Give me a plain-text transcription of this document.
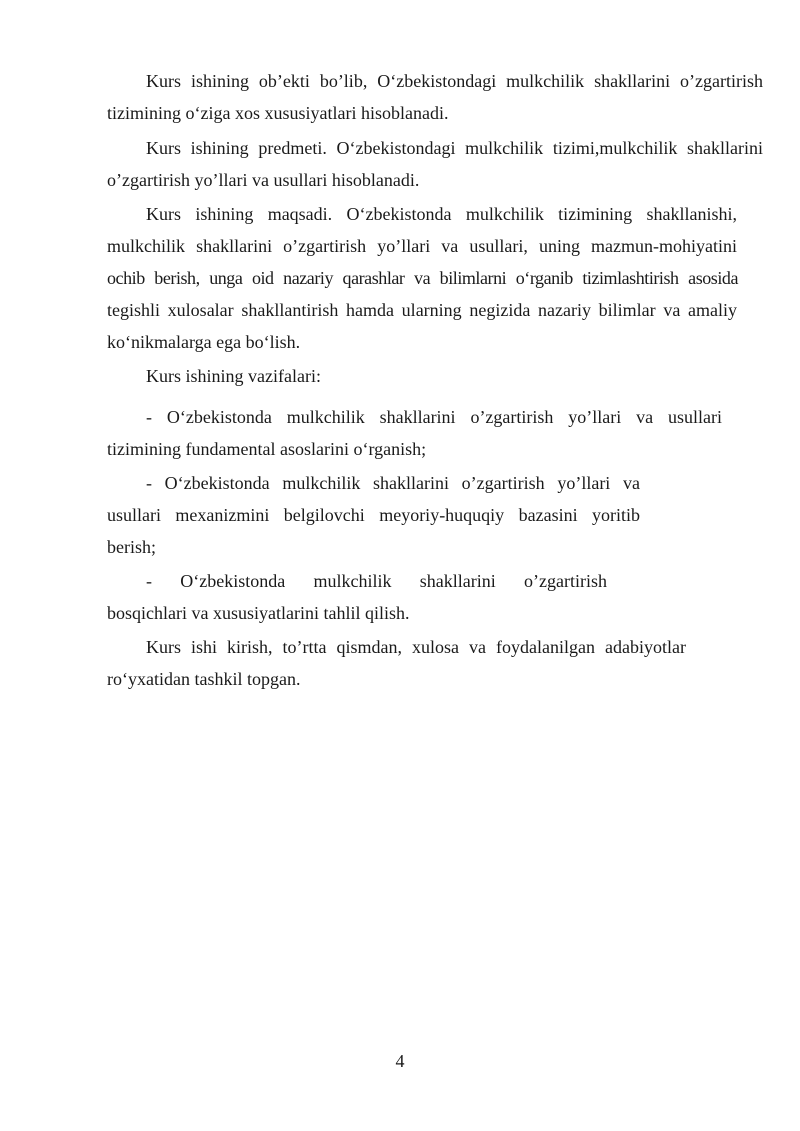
Kurs ishining ob’ekti bo’lib, O‘zbekistondagi mulkchilik shakllarini o’zgartirish
tizimining o‘ziga xos xususiyatlari hisoblanadi.
Kurs ishining predmeti. O‘zbekistondagi mulkchilik tizimi,mulkchilik shakllarini
o’zgartirish yo’llari va usullari hisoblanadi.
Kurs ishining maqsadi. O‘zbekistonda mulkchilik tizimining shakllanishi,
mulkchilik shakllarini o’zgartirish yo’llari va usullari, uning mazmun-mohiyatini
ochib berish, unga oid nazariy qarashlar va bilimlarni o‘rganib tizimlashtirish asosida
tegishli xulosalar shakllantirish hamda ularning negizida nazariy bilimlar va amaliy
ko‘nikmalarga ega bo‘lish.
Kurs ishining vazifalari:
- O‘zbekistonda mulkchilik shakllarini o’zgartirish yo’llari va usullari
tizimining fundamental asoslarini o‘rganish;
- O‘zbekistonda mulkchilik shakllarini o’zgartirish yo’llari va
usullari mexanizmini belgilovchi meyoriy-huquqiy bazasini yoritib
berish;
- O‘zbekistonda mulkchilik shakllarini o’zgartirish
bosqichlari va xususiyatlarini tahlil qilish.
Kurs ishi kirish, to’rtta qismdan, xulosa va foydalanilgan adabiyotlar
ro‘yxatidan tashkil topgan.
4
